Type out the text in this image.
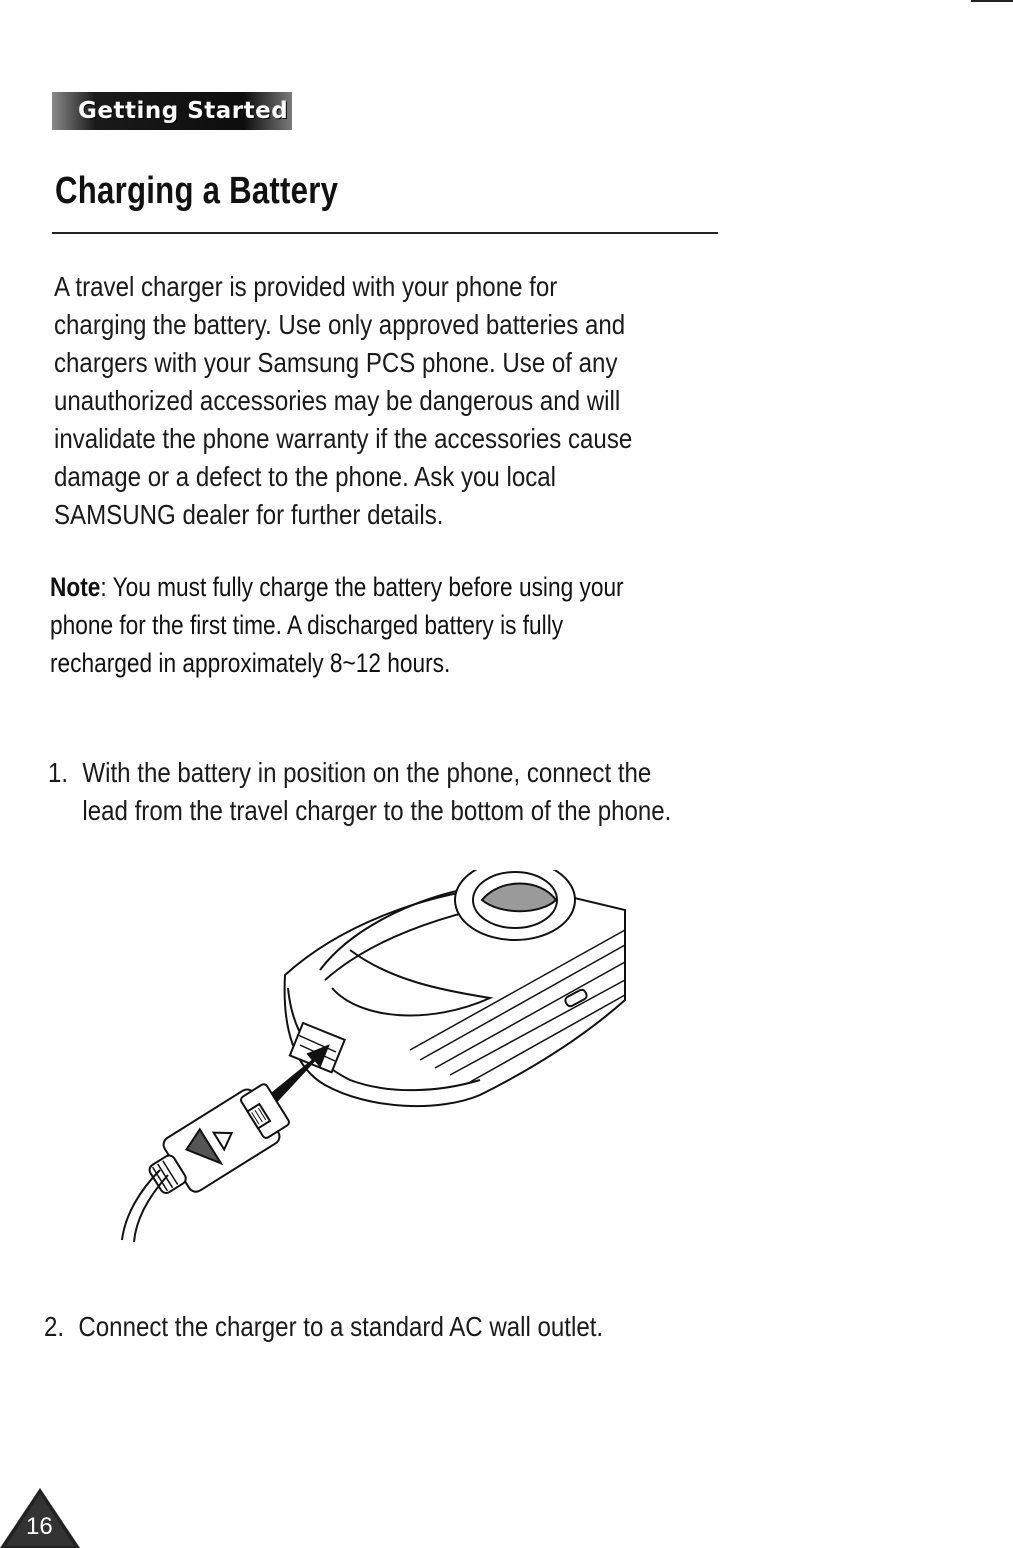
Getting Started
Charging a Battery

A travel charger is provided with your phone for charging the battery. Use only approved batteries and chargers with your Samsung PCS phone. Use of any unauthorized accessories may be dangerous and will invalidate the phone warranty if the accessories cause damage or a defect to the phone. Ask you local SAMSUNG dealer for further details.

Note: You must fully charge the battery before using your phone for the first time. A discharged battery is fully recharged in approximately 8~12 hours.

1. With the battery in position on the phone, connect the lead from the travel charger to the bottom of the phone.
2. Connect the charger to a standard AC wall outlet.
16
